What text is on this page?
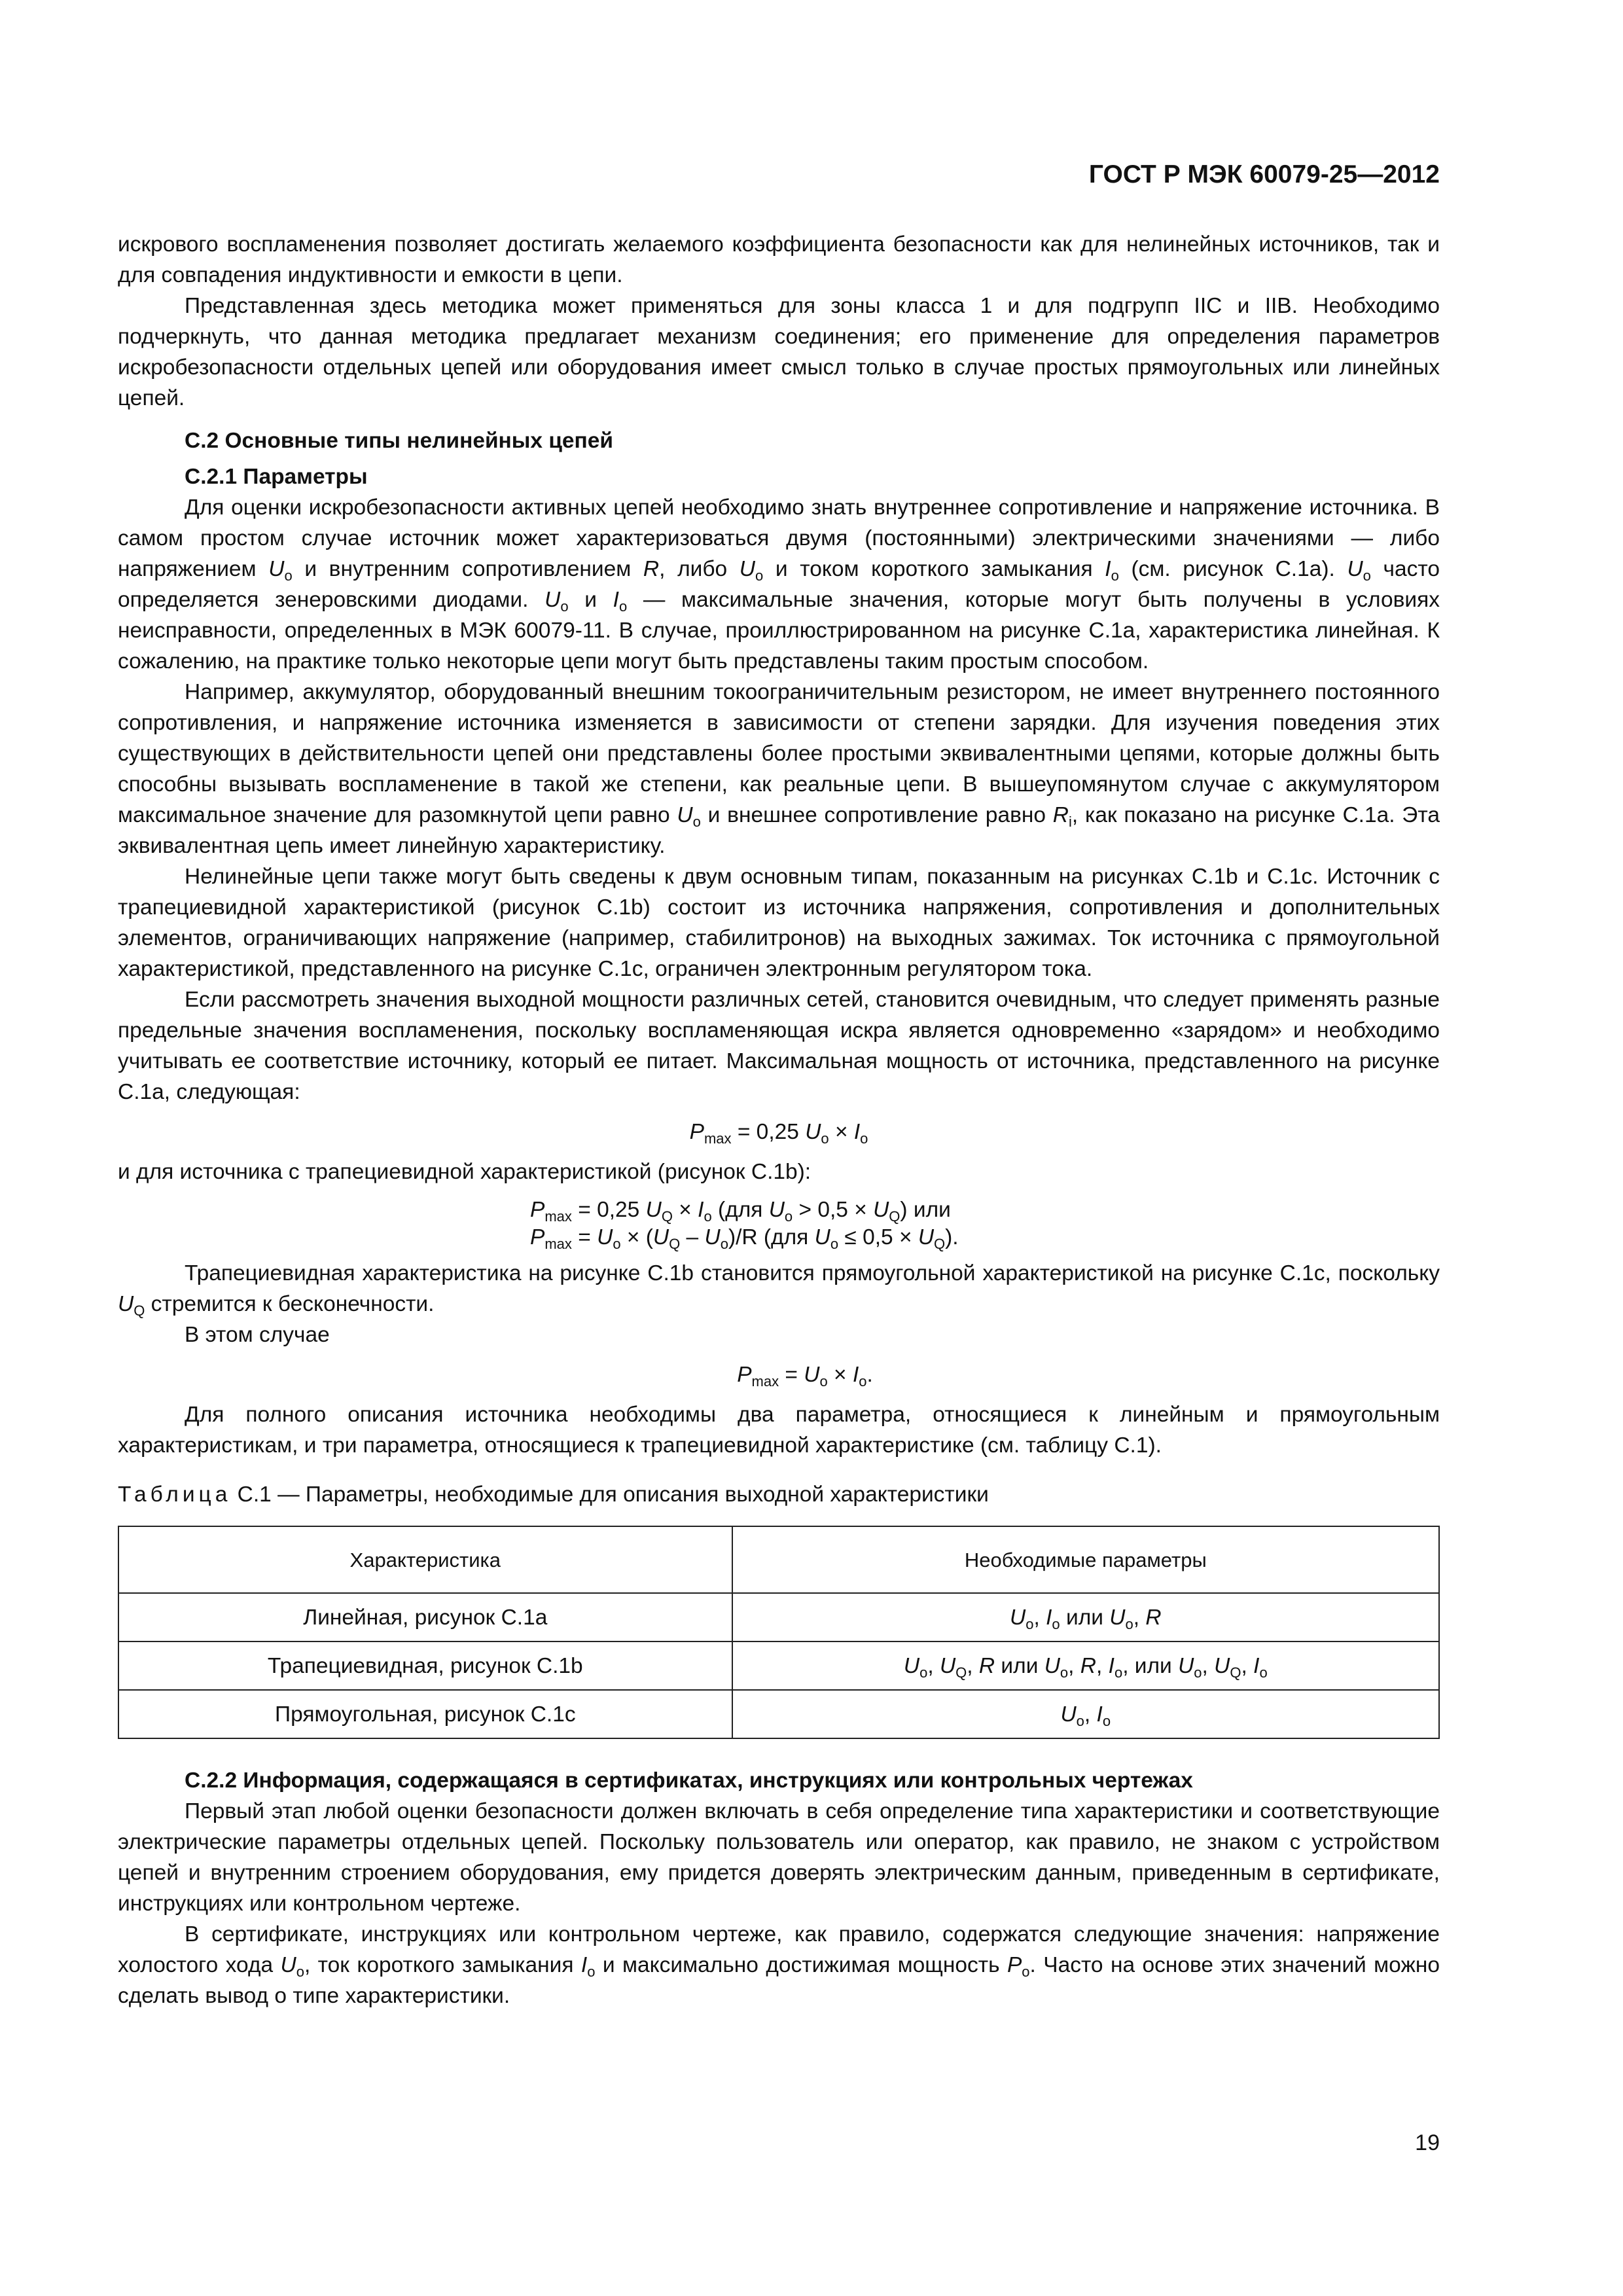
ГОСТ Р МЭК 60079-25—2012

искрового воспламенения позволяет достигать желаемого коэффициента безопасности как для нелинейных источников, так и для совпадения индуктивности и емкости в цепи.

Представленная здесь методика может применяться для зоны класса 1 и для подгрупп IIC и IIB. Необходимо подчеркнуть, что данная методика предлагает механизм соединения; его применение для определения параметров искробезопасности отдельных цепей или оборудования имеет смысл только в случае простых прямоугольных или линейных цепей.

С.2 Основные типы нелинейных цепей
С.2.1 Параметры

Для оценки искробезопасности активных цепей необходимо знать внутреннее сопротивление и напряжение источника. В самом простом случае источник может характеризоваться двумя (постоянными) электрическими значениями — либо напряжением $U_o$ и внутренним сопротивлением R, либо $U_o$ и током короткого замыкания $I_o$ (см. рисунок С.1а). $U_o$ часто определяется зенеровскими диодами. $U_o$ и $I_o$ — максимальные значения, которые могут быть получены в условиях неисправности, определенных в МЭК 60079-11. В случае, проиллюстрированном на рисунке С.1а, характеристика линейная. К сожалению, на практике только некоторые цепи могут быть представлены таким простым способом.

Например, аккумулятор, оборудованный внешним токоограничительным резистором, не имеет внутреннего постоянного сопротивления, и напряжение источника изменяется в зависимости от степени зарядки. Для изучения поведения этих существующих в действительности цепей они представлены более простыми эквивалентными цепями, которые должны быть способны вызывать воспламенение в такой же степени, как реальные цепи. В вышеупомянутом случае с аккумулятором максимальное значение для разомкнутой цепи равно $U_o$ и внешнее сопротивление равно $R_i$, как показано на рисунке С.1а. Эта эквивалентная цепь имеет линейную характеристику.

Нелинейные цепи также могут быть сведены к двум основным типам, показанным на рисунках С.1b и С.1c. Источник с трапециевидной характеристикой (рисунок С.1b) состоит из источника напряжения, сопротивления и дополнительных элементов, ограничивающих напряжение (например, стабилитронов) на выходных зажимах. Ток источника с прямоугольной характеристикой, представленного на рисунке С.1c, ограничен электронным регулятором тока.

Если рассмотреть значения выходной мощности различных сетей, становится очевидным, что следует применять разные предельные значения воспламенения, поскольку воспламеняющая искра является одновременно «зарядом» и необходимо учитывать ее соответствие источнику, который ее питает. Максимальная мощность от источника, представленного на рисунке С.1а, следующая:

$P_{max} = 0,25$ $U_o \times I_o$

и для источника с трапециевидной характеристикой (рисунок С.1b):

$P_{max} = 0,25$ $U_Q \times I_o$ (для $U_o > 0,5 \times U_Q$) или
$P_{max} = U_o \times (U_Q - U_o)/R$ (для $U_o \le 0,5 \times U_Q$).

Трапециевидная характеристика на рисунке С.1b становится прямоугольной характеристикой на рисунке С.1c, поскольку $U_Q$ стремится к бесконечности.

В этом случае

$P_{max} = U_o \times I_o$.

Для полного описания источника необходимы два параметра, относящиеся к линейным и прямоугольным характеристикам, и три параметра, относящиеся к трапециевидной характеристике (см. таблицу С.1).

Таблица С.1 — Параметры, необходимые для описания выходной характеристики
Характеристика	Необходимые параметры
Линейная, рисунок С.1а	$U_o$, $I_o$ или $U_o$, R
Трапециевидная, рисунок С.1b	$U_o$, $U_Q$, R или $U_o$, R, $I_o$, или $U_o$, $U_Q$, $I_o$
Прямоугольная, рисунок С.1c	$U_o$, $I_o$
С.2.2 Информация, содержащаяся в сертификатах, инструкциях или контрольных чертежах

Первый этап любой оценки безопасности должен включать в себя определение типа характеристики и соответствующие электрические параметры отдельных цепей. Поскольку пользователь или оператор, как правило, не знаком с устройством цепей и внутренним строением оборудования, ему придется доверять электрическим данным, приведенным в сертификате, инструкциях или контрольном чертеже.

В сертификате, инструкциях или контрольном чертеже, как правило, содержатся следующие значения: напряжение холостого хода $U_o$, ток короткого замыкания $I_o$ и максимально достижимая мощность $P_o$. Часто на основе этих значений можно сделать вывод о типе характеристики.

19
